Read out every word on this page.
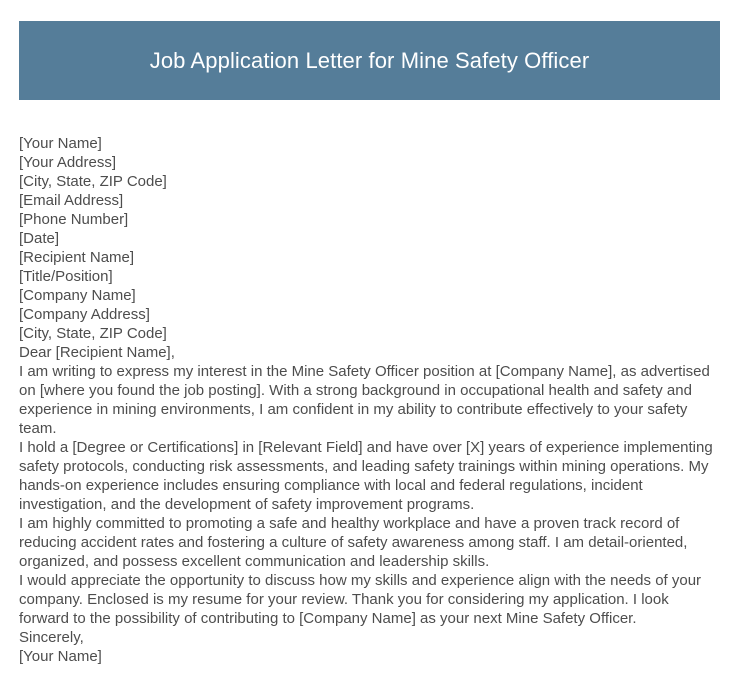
Job Application Letter for Mine Safety Officer
[Your Name]
[Your Address]
[City, State, ZIP Code]
[Email Address]
[Phone Number]
[Date]
[Recipient Name]
[Title/Position]
[Company Name]
[Company Address]
[City, State, ZIP Code]
Dear [Recipient Name],

I am writing to express my interest in the Mine Safety Officer position at [Company Name], as advertised on [where you found the job posting]. With a strong background in occupational health and safety and experience in mining environments, I am confident in my ability to contribute effectively to your safety team.

I hold a [Degree or Certifications] in [Relevant Field] and have over [X] years of experience implementing safety protocols, conducting risk assessments, and leading safety trainings within mining operations. My hands-on experience includes ensuring compliance with local and federal regulations, incident investigation, and the development of safety improvement programs.

I am highly committed to promoting a safe and healthy workplace and have a proven track record of reducing accident rates and fostering a culture of safety awareness among staff. I am detail-oriented, organized, and possess excellent communication and leadership skills.

I would appreciate the opportunity to discuss how my skills and experience align with the needs of your company. Enclosed is my resume for your review. Thank you for considering my application. I look forward to the possibility of contributing to [Company Name] as your next Mine Safety Officer.

Sincerely,
[Your Name]
